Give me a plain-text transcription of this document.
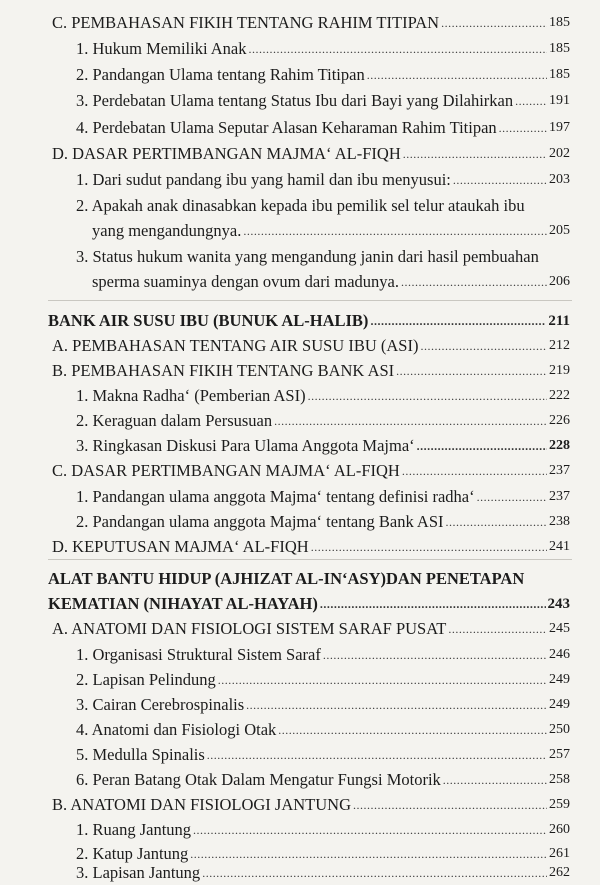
C. PEMBAHASAN FIKIH TENTANG RAHIM TITIPAN .....	185
1. Hukum Memiliki Anak .....	185
2. Pandangan Ulama tentang Rahim Titipan .....	185
3. Perdebatan Ulama tentang Status Ibu dari Bayi yang Dilahirkan .....	191
4. Perdebatan Ulama Seputar Alasan Keharaman Rahim Titipan .....	197
D. DASAR PERTIMBANGAN MAJMA‘ AL-FIQH .....	202
1. Dari sudut pandang ibu yang hamil dan ibu menyusui: .....	203
2. Apakah anak dinasabkan kepada ibu pemilik sel telur ataukah ibu
yang mengandungnya. .....	205
3. Status hukum wanita yang mengandung janin dari hasil pembuahan
sperma suaminya dengan ovum dari madunya. .....	206
BANK AIR SUSU IBU (BUNUK AL-HALIB) .....	211
A. PEMBAHASAN TENTANG AIR SUSU IBU (ASI) .....	212
B. PEMBAHASAN FIKIH TENTANG BANK ASI .....	219
1. Makna Radha‘ (Pemberian ASI) .....	222
2. Keraguan dalam Persusuan .....	226
3. Ringkasan Diskusi Para Ulama Anggota Majma‘ .....	228
C. DASAR PERTIMBANGAN MAJMA‘ AL-FIQH .....	237
1. Pandangan ulama anggota Majma‘ tentang definisi radha‘ .....	237
2. Pandangan ulama anggota Majma‘ tentang Bank ASI .....	238
D. KEPUTUSAN MAJMA‘ AL-FIQH .....	241
ALAT BANTU HIDUP (AJHIZAT AL-IN‘ASY)DAN PENETAPAN
KEMATIAN (NIHAYAT AL-HAYAH) .....	243
A. ANATOMI DAN FISIOLOGI SISTEM SARAF PUSAT .....	245
1. Organisasi Struktural Sistem Saraf .....	246
2. Lapisan Pelindung .....	249
3. Cairan Cerebrospinalis .....	249
4. Anatomi dan Fisiologi Otak .....	250
5. Medulla Spinalis .....	257
6. Peran Batang Otak Dalam Mengatur Fungsi Motorik .....	258
B. ANATOMI DAN FISIOLOGI JANTUNG .....	259
1. Ruang Jantung .....	260
2. Katup Jantung .....	261
3. Lapisan Jantung .....	262
